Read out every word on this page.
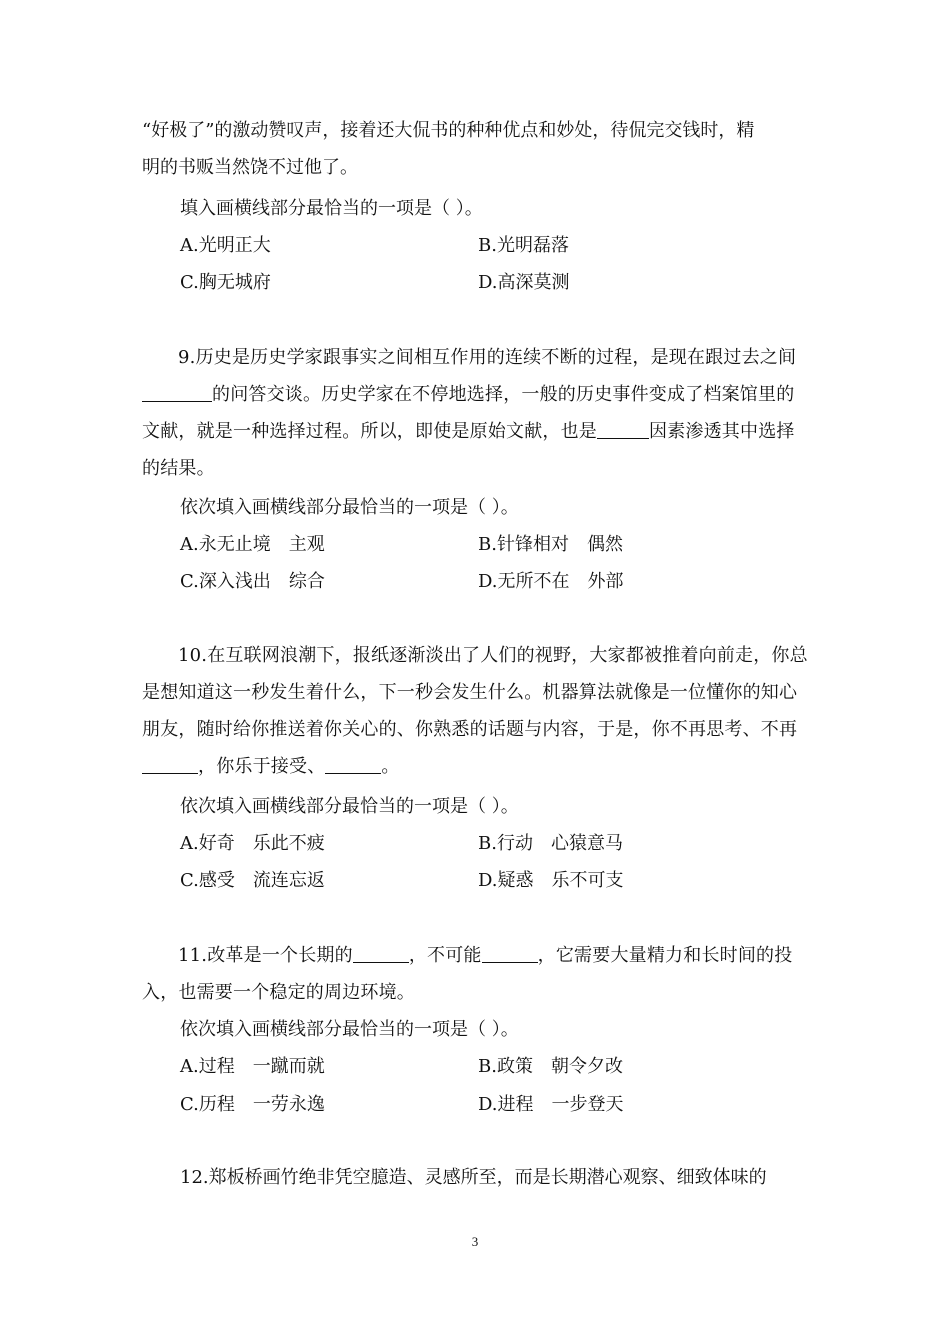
“好极了”的激动赞叹声，接着还大侃书的种种优点和妙处，待侃完交钱时，精
明的书贩当然饶不过他了。
填入画横线部分最恰当的一项是（ ）。
A.光明正大	B.光明磊落
C.胸无城府	D.高深莫测
9.历史是历史学家跟事实之间相互作用的连续不断的过程，是现在跟过去之间的问答交谈。历史学家在不停地选择，一般的历史事件变成了档案馆里的文献，就是一种选择过程。所以，即使是原始文献，也是	因素渗透其中选择的结果。
依次填入画横线部分最恰当的一项是（ ）。
A.永无止境　主观	B.针锋相对　偶然
C.深入浅出　综合	D.无所不在　外部
10.在互联网浪潮下，报纸逐渐淡出了人们的视野，大家都被推着向前走，你总是想知道这一秒发生着什么，下一秒会发生什么。机器算法就像是一位懂你的知心朋友，随时给你推送着你关心的、你熟悉的话题与内容，于是，你不再思考、不再，你乐于接受、	。
依次填入画横线部分最恰当的一项是（ ）。
A.好奇　乐此不疲	B.行动　心猿意马
C.感受　流连忘返	D.疑惑　乐不可支
11.改革是一个长期的	，不可能	，它需要大量精力和长时间的投入，也需要一个稳定的周边环境。
依次填入画横线部分最恰当的一项是（ ）。
A.过程　一蹴而就	B.政策　朝令夕改
C.历程　一劳永逸	D.进程　一步登天
12.郑板桥画竹绝非凭空臆造、灵感所至，而是长期潜心观察、细致体味的
3
